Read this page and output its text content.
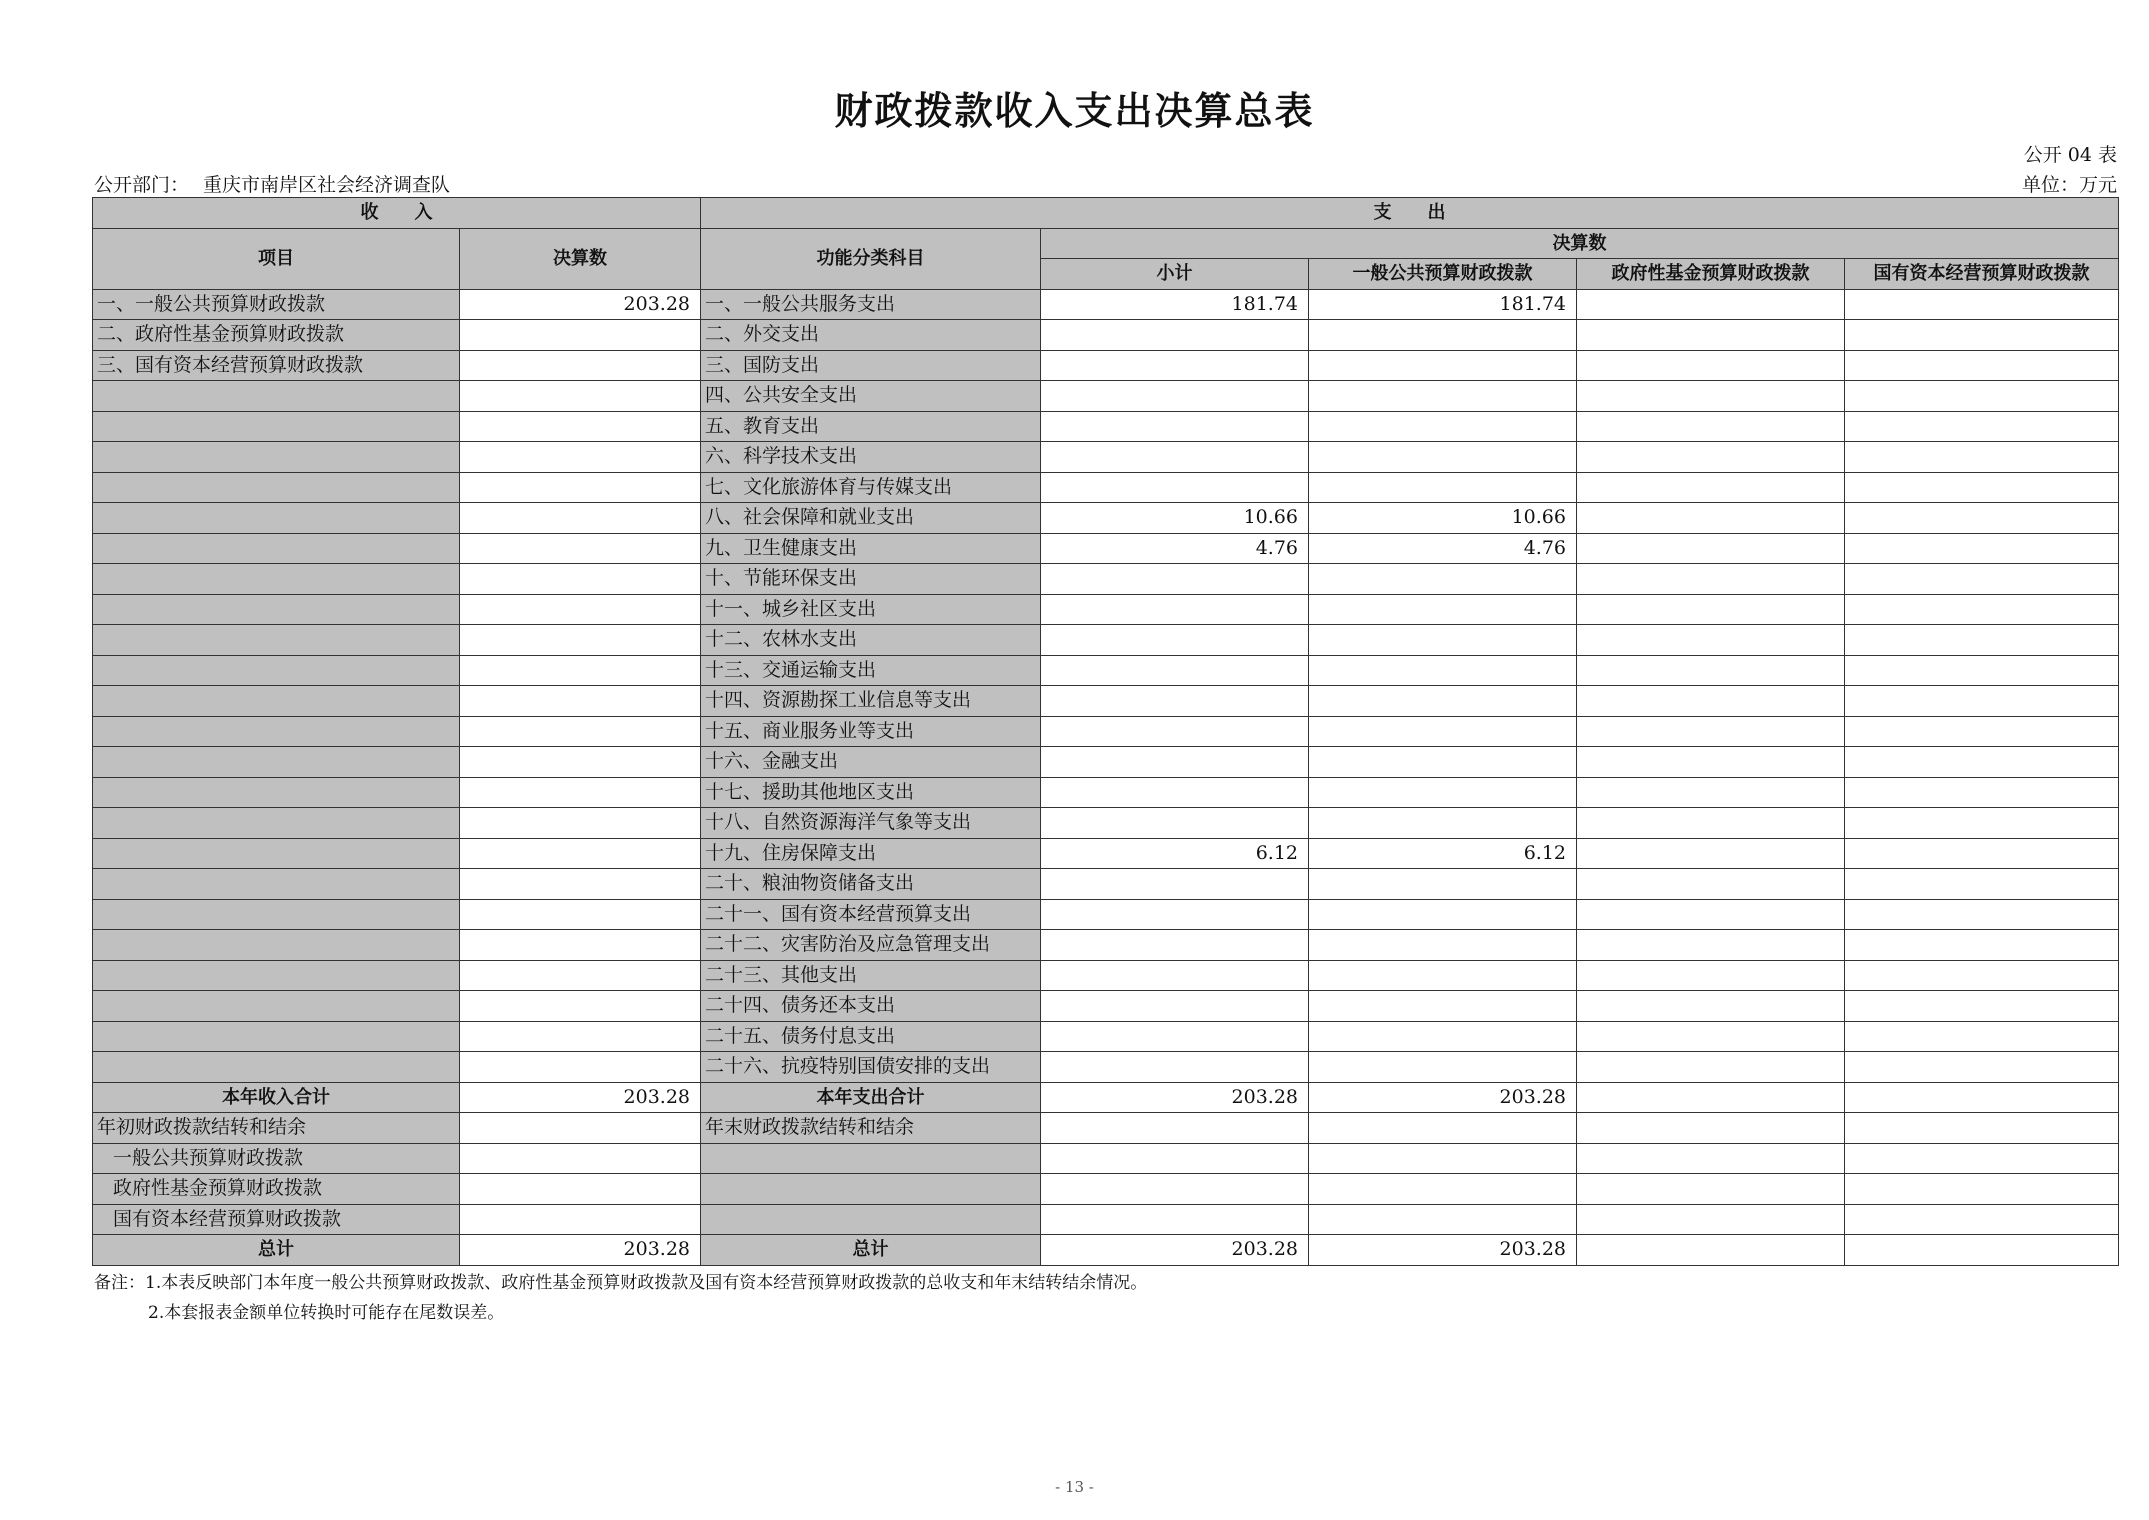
财政拨款收入支出决算总表
公开 04 表
公开部门： 重庆市南岸区社会经济调查队	单位：万元
收　　入		支　　出				
项目	决算数	功能分类科目	决算数			
			小计	一般公共预算财政拨款	政府性基金预算财政拨款	国有资本经营预算财政拨款
一、一般公共预算财政拨款	203.28	一、一般公共服务支出	181.74	181.74		
二、政府性基金预算财政拨款		二、外交支出				
三、国有资本经营预算财政拨款		三、国防支出				
		四、公共安全支出				
		五、教育支出				
		六、科学技术支出				
		七、文化旅游体育与传媒支出				
		八、社会保障和就业支出	10.66	10.66		
		九、卫生健康支出	4.76	4.76		
		十、节能环保支出				
		十一、城乡社区支出				
		十二、农林水支出				
		十三、交通运输支出				
		十四、资源勘探工业信息等支出				
		十五、商业服务业等支出				
		十六、金融支出				
		十七、援助其他地区支出				
		十八、自然资源海洋气象等支出				
		十九、住房保障支出	6.12	6.12		
		二十、粮油物资储备支出				
		二十一、国有资本经营预算支出				
		二十二、灾害防治及应急管理支出				
		二十三、其他支出				
		二十四、债务还本支出				
		二十五、债务付息支出				
		二十六、抗疫特别国债安排的支出				
本年收入合计	203.28	本年支出合计	203.28	203.28		
年初财政拨款结转和结余		年末财政拨款结转和结余				
一般公共预算财政拨款						
政府性基金预算财政拨款						
国有资本经营预算财政拨款						
总计	203.28	总计	203.28	203.28		
备注：1.本表反映部门本年度一般公共预算财政拨款、政府性基金预算财政拨款及国有资本经营预算财政拨款的总收支和年末结转结余情况。
2.本套报表金额单位转换时可能存在尾数误差。
- 13 -
